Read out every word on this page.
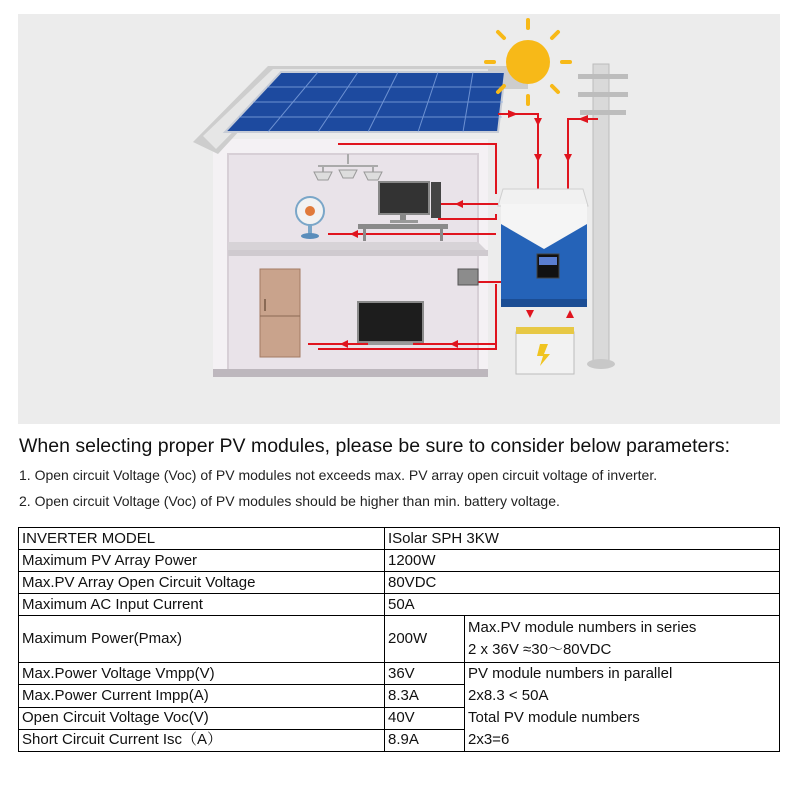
When selecting proper PV modules, please be sure to consider below parameters:
1. Open circuit Voltage (Voc) of PV modules not exceeds max. PV array open circuit voltage of inverter.
2. Open circuit Voltage (Voc) of PV modules should be higher than min. battery voltage.
INVERTER MODEL	ISolar SPH 3KW	
Maximum PV Array Power	1200W	
Max.PV Array Open Circuit Voltage	80VDC	
Maximum AC Input Current	50A	
Maximum Power(Pmax)	200W	Max.PV module numbers in series
2 x 36V ≈30〜80VDC

Max.Power Voltage Vmpp(V)	36V	PV module numbers in parallel
2x8.3 < 50A
Total PV module numbers
2x3=6

Max.Power Current Impp(A)	8.3A	
Open Circuit Voltage Voc(V)	40V	
Short Circuit Current Isc（A）	8.9A	
